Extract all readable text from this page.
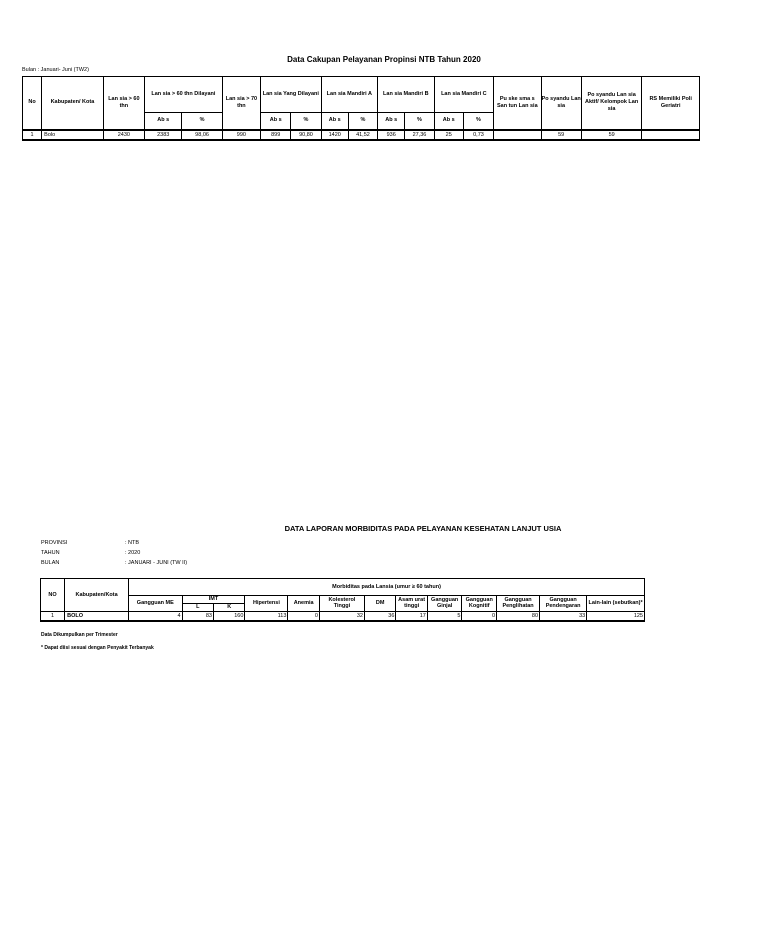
Data Cakupan Pelayanan Propinsi NTB Tahun 2020
Bulan : Januari- Juni (TW2)
No	Kabupaten/ Kota	Lan sia > 60 thn	Lan sia > 60 thn Dilayani		Lan sia > 70 thn	Lan sia Yang Dilayani		Lan sia Mandiri A		Lan sia Mandiri B		Lan sia Mandiri C		Pu ske sma s San tun Lan sia	Po syandu Lan sia	Po syandu Lan sia Aktif/ Kelompok Lan sia	RS Memiliki Poli Geriatri
			Ab s	%		Ab s	%	Ab s	%	Ab s	%	Ab s	%				
1	Bolo	2430	2383	98,06	990	899	90,80	1420	41,52	936	27,36	25	0,73		59	59	
DATA LAPORAN MORBIDITAS PADA PELAYANAN KESEHATAN LANJUT USIA
PROVINSI	: NTB
TAHUN	: 2020
BULAN	: JANUARI - JUNI (TW II)
NO	Kabupaten/Kota	Morbiditas pada Lansia (umur ≥ 60 tahun)												
		Gangguan ME	IMT		Hipertensi	Anemia	Kolesterol Tinggi	DM	Asam urat tinggi	Gangguan Ginjal	Gangguan Kognitif	Gangguan Penglihatan	Gangguan Pendengaran	Lain-lain (sebutkan)*
			L	K										
1	BOLO	4	83	160	113	0	32	36	17	5	0	80	33	125
Data Dikumpulkan per Trimester
* Dapat diisi sesuai dengan Penyakit Terbanyak
